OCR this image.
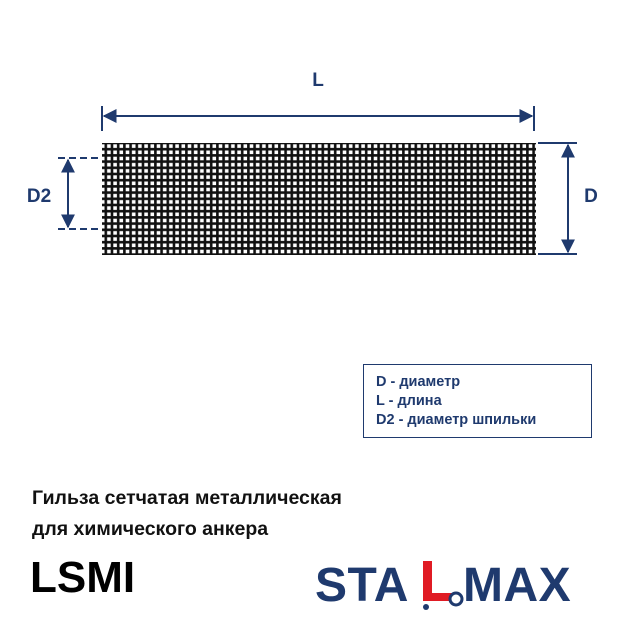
L
D2	D
D - диаметр
L - длина
D2 - диаметр шпильки
Гильза сетчатая металлическая
для химического анкера
LSMI	STA MAX
